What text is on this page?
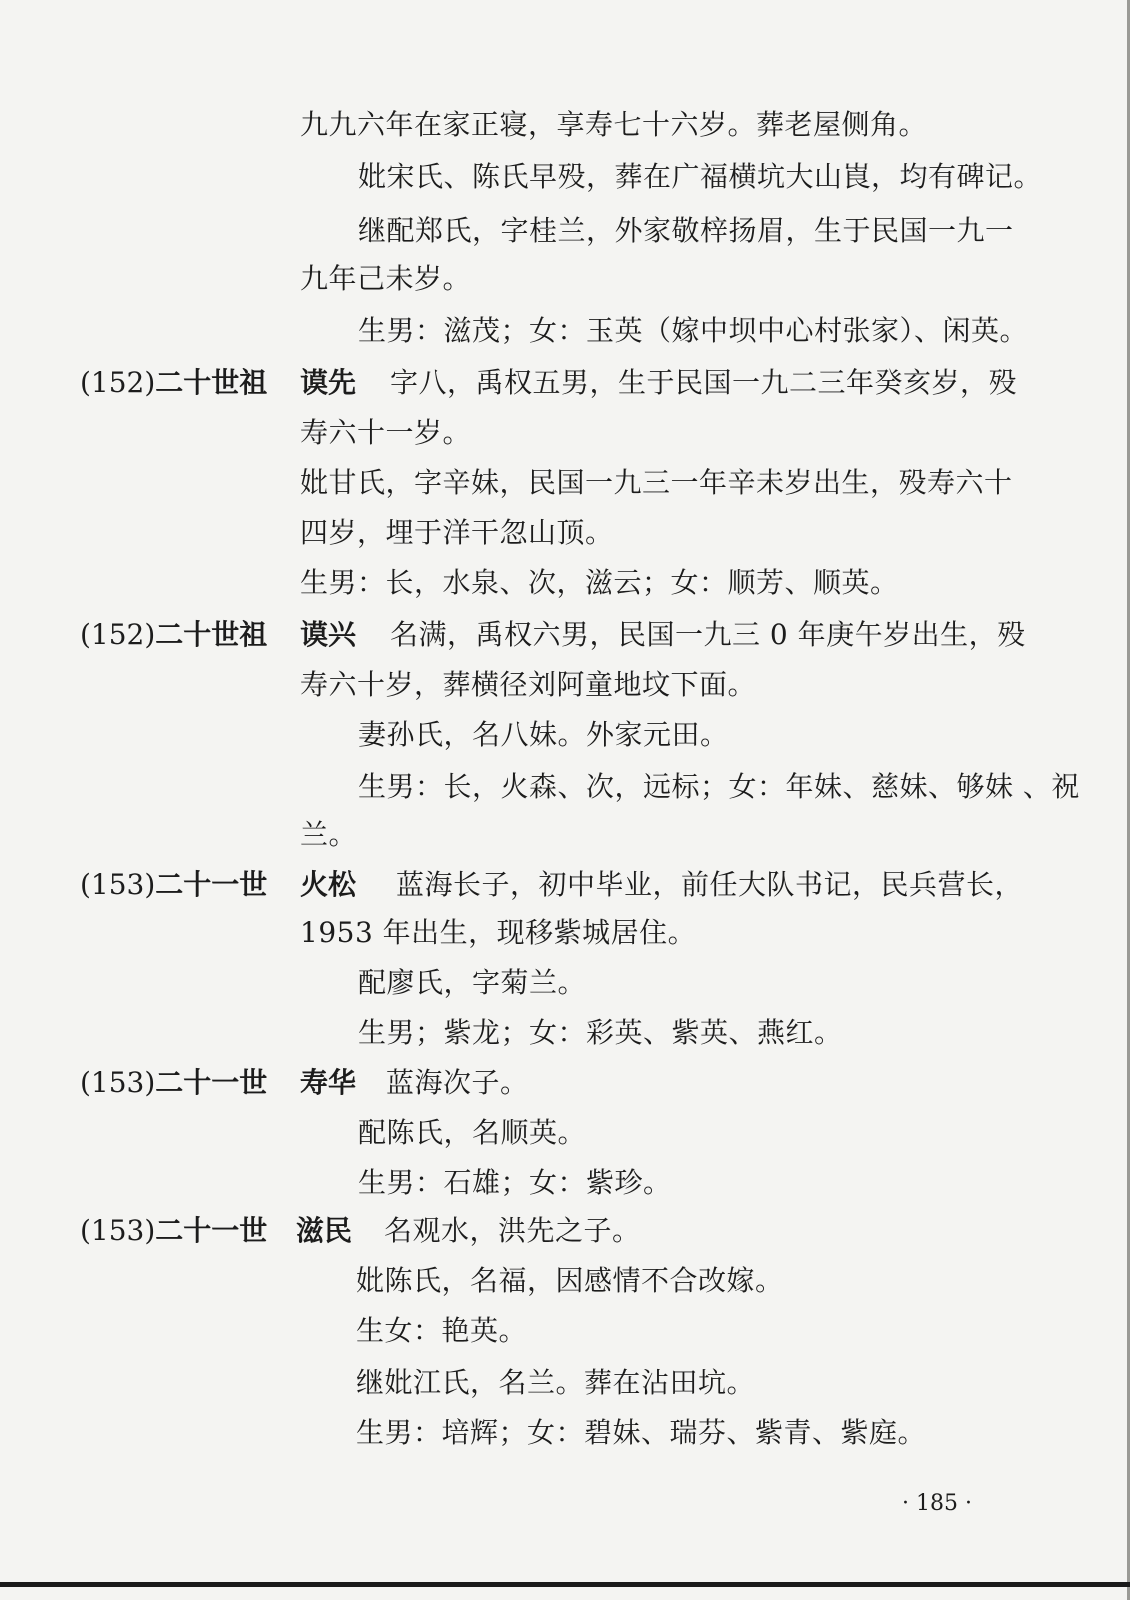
九九六年在家正寝，享寿七十六岁。葬老屋侧角。
妣宋氏、陈氏早殁，葬在广福横坑大山崀，均有碑记。
继配郑氏，字桂兰，外家敬梓扬眉，生于民国一九一
九年己未岁。
生男：滋茂；女：玉英（嫁中坝中心村张家）、闲英。
(152)二十世祖 谟先 字八，禹权五男，生于民国一九二三年癸亥岁，殁
寿六十一岁。
妣甘氏，字辛妹，民国一九三一年辛未岁出生，殁寿六十
四岁，埋于洋干忽山顶。
生男：长，水泉、次，滋云；女：顺芳、顺英。
(152)二十世祖 谟兴 名满，禹权六男，民国一九三 0 年庚午岁出生，殁
寿六十岁，葬横径刘阿童地坟下面。
妻孙氏，名八妹。外家元田。
生男：长，火森、次，远标；女：年妹、慈妹、够妹 、祝
兰。
(153)二十一世 火松 蓝海长子，初中毕业，前任大队书记，民兵营长，
1953 年出生，现移紫城居住。
配廖氏，字菊兰。
生男；紫龙；女：彩英、紫英、燕红。
(153)二十一世 寿华 蓝海次子。
配陈氏，名顺英。
生男：石雄；女：紫珍。
(153)二十一世 滋民 名观水，洪先之子。
妣陈氏，名福，因感情不合改嫁。
生女：艳英。
继妣江氏，名兰。葬在沾田坑。
生男：培辉；女：碧妹、瑞芬、紫青、紫庭。
· 185 ·
